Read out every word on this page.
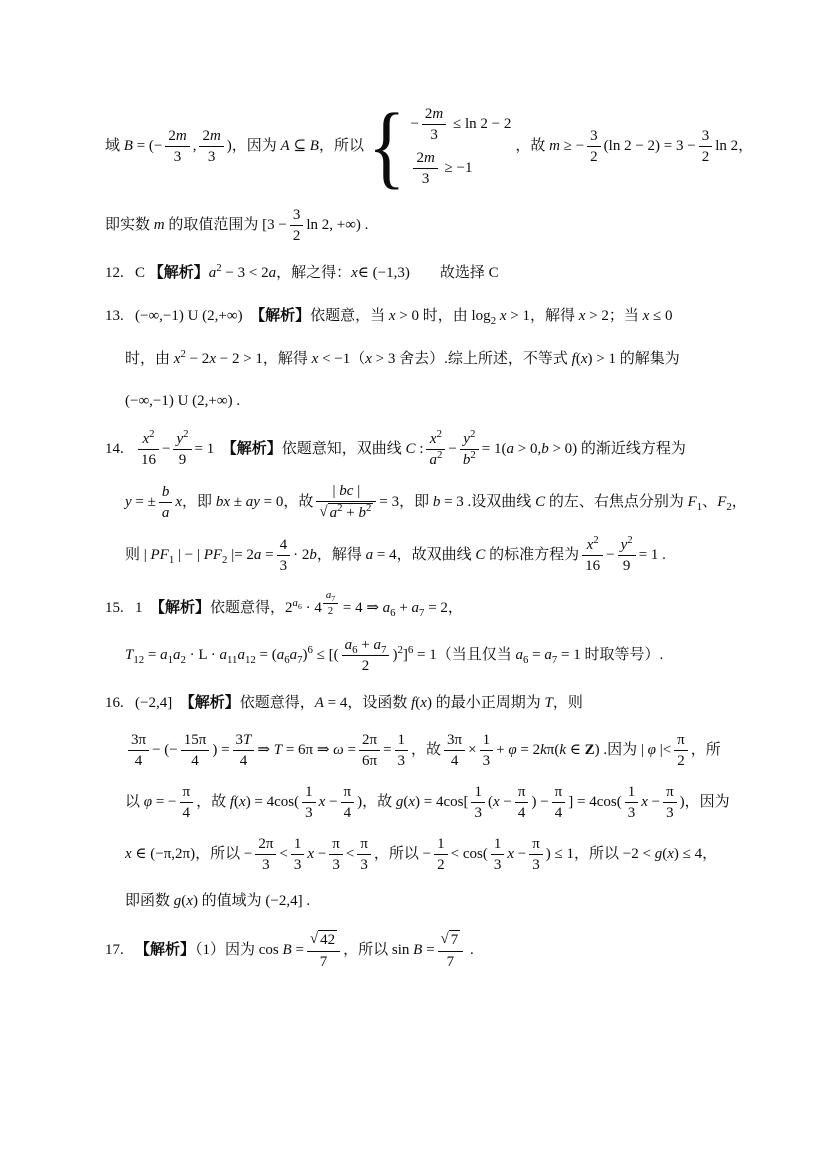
域 B = (− $\frac{2m}{3}$ , $\frac{2m}{3}$ )，因为 A ⊆ B，所以 { − $\frac{2m}{3} \le \ln 2 - 2$
$\frac{2m}{3} \ge -1$
，故 m ≥ − $\frac{3}{2} (\ln$ $2 - 2) = 3 - \frac{3}{2}$ ln 2，
即实数 m 的取值范围为 [$3 - \frac{3}{2}$ ln 2, +∞) .
12. C 【解析】$a^2 - 3 < 2a$，解之得：x∈ (−1,3)　　故选择 C
13. (−∞,−1) U (2,+∞)　【解析】依题意，当 x > 0 时，由 $\log_2 x > 1$，解得 x > 2；当 x ≤ 0
时，由 $x^2 - 2x - 2 > 1$，解得 x < −1（x > 3 舍去）.综上所述，不等式 f(x) > 1 的解集为
(−∞,−1) U (2,+∞) .
14. $\frac{x^2}{16} - \frac{y^2}{9} = 1$　【解析】依题意知，双曲线 C : $\frac{x^2}{a^2} - \frac{y^2}{b^2} = 1(a > 0,b > 0)$ 的渐近线方程为
y = ± $\frac{b}{a}$ x，即 bx ± ay = 0，故 $\frac{| bc |}{√ a^2 + b^2} = 3$，即 b = 3 .设双曲线 C 的左、右焦点分别为 $F_1$、$F_2$，
则 | $PF_1$ | − | $PF_2$ |= $2a = \frac{4}{3} \cdot 2b$，解得 a = 4，故双曲线 C 的标准方程为 $\frac{x^2}{16} - \frac{y^2}{9} = 1$ .
15. 1　【解析】依题意得，$2^{a_6} \cdot 4$ $^{\frac{a_7}{2}}$ = 4 ⇒ $a_6 + a_7 = 2$，
$T_{12} = a_1a_2 \cdot L \cdot a_{11}a_{12} = (a_6a_7)^6$ ≤ [( $\frac{a_6 + a_7}{2} )^2]^6 = 1$（当且仅当 $a_6 = a_7 = 1$ 时取等号）.
16. (−2,4]　【解析】依题意得，A = 4，设函数 f(x) 的最小正周期为 T，则
$\frac{3\pi}{4}$ − (− $\frac{15\pi}{4}$ ) = $\frac{3T}{4}$ ⇒ T = 6π ⇒ $\omega = \frac{2\pi}{6\pi} = \frac{1}{3}$ ，故 $\frac{3\pi}{4} \times \frac{1}{3} + \varphi = 2k\pi(k$ ∈ Z) .因为 | φ |< $\frac{\pi}{2}$ ，所
以 φ = − $\frac{\pi}{4}$ ，故 $f(x) = 4\cos( \frac{1}{3}$ $x - \frac{\pi}{4}$ )，故 $g(x) = 4\cos[ \frac{1}{3} (x - \frac{\pi}{4}$ ) − $\frac{\pi}{4}$ ] = $4\cos( \frac{1}{3}$ $x - \frac{\pi}{3}$ )，因为
x ∈ (−π,2π)，所以 − $\frac{2\pi}{3} < \frac{1}{3}$ $x - \frac{\pi}{3} < \frac{\pi}{3}$ ，所以 − $\frac{1}{2} < \cos( \frac{1}{3}$ $x - \frac{\pi}{3}$ ) ≤ 1，所以 −2 < g(x) ≤ 4，
即函数 g(x) 的值域为 (−2,4] .
17. 【解析】（1）因为 $\cos B = \frac{√ 42}{7}$ ，所以 $\sin B = \frac{√ 7}{7}$ .
